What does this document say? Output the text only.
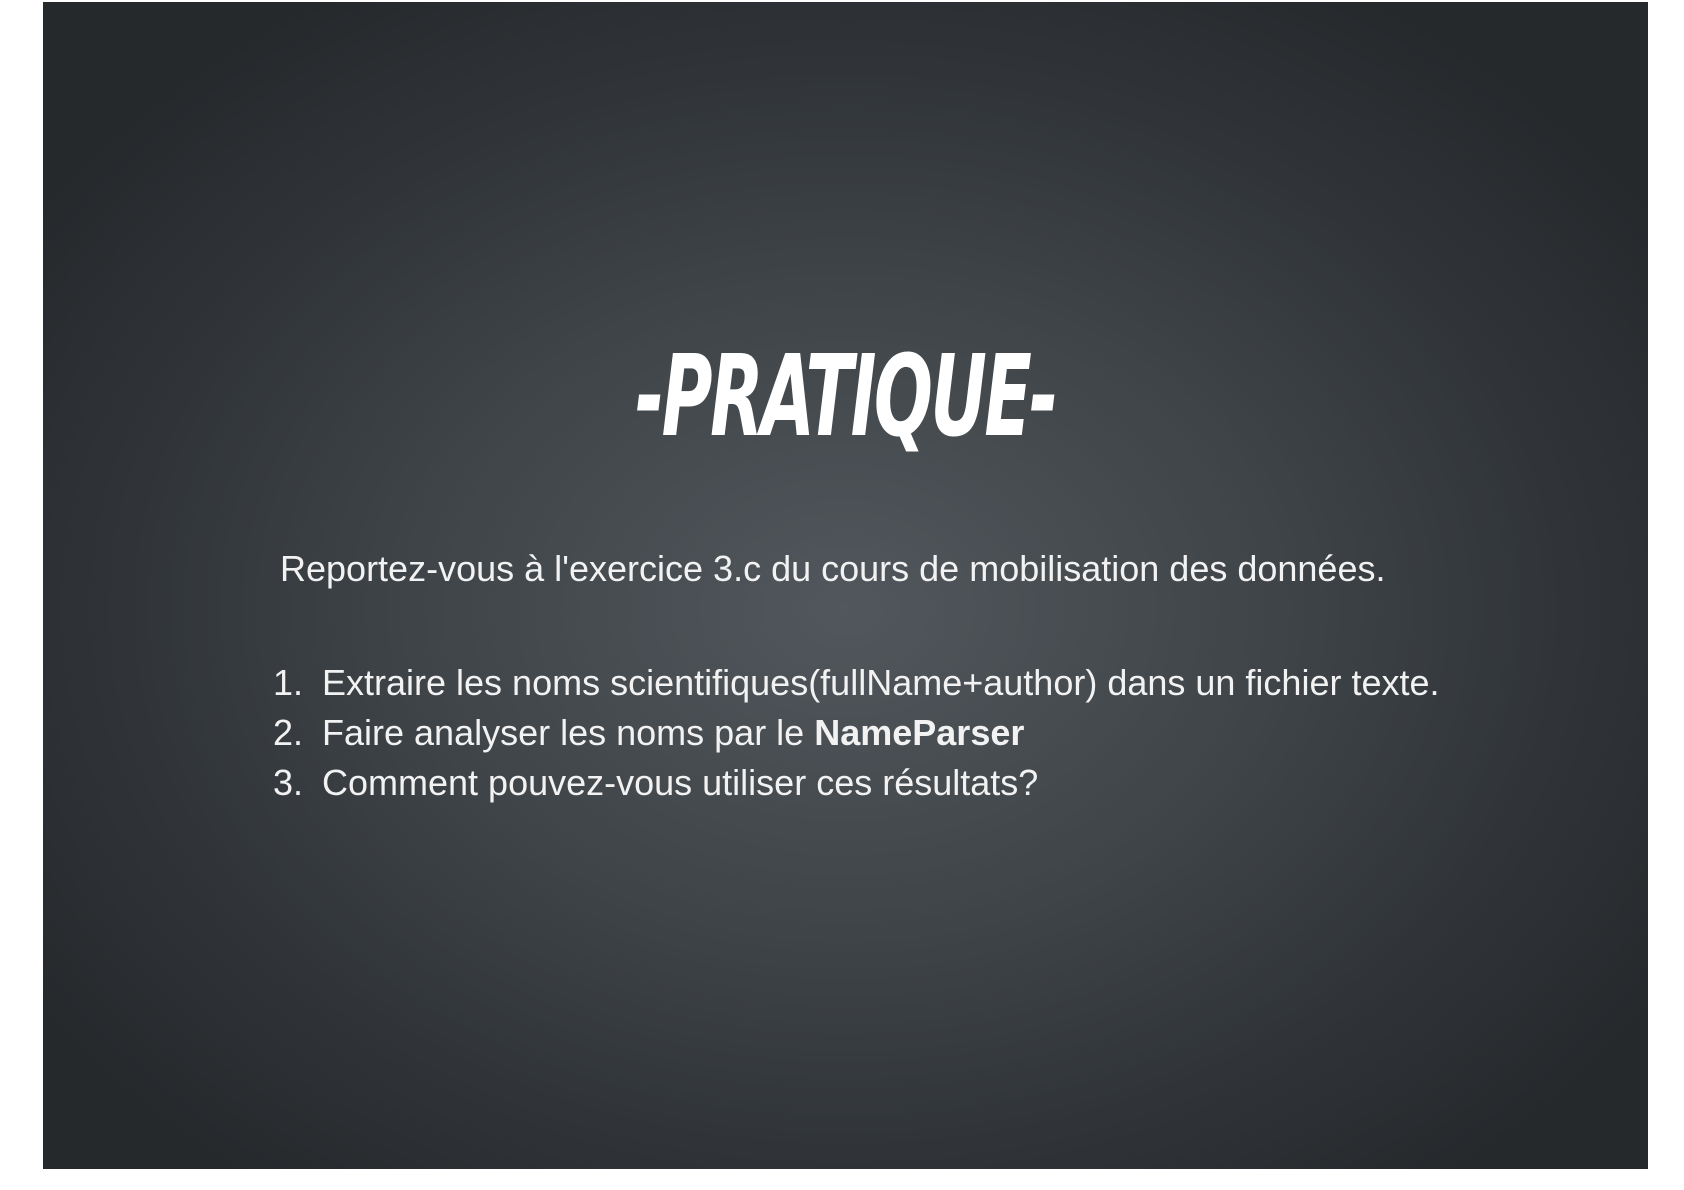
-PRATIQUE-
Reportez-vous à l'exercice 3.c du cours de mobilisation des données.
1. Extraire les noms scientifiques(fullName+author) dans un fichier texte.
2. Faire analyser les noms par le NameParser
3. Comment pouvez-vous utiliser ces résultats?
